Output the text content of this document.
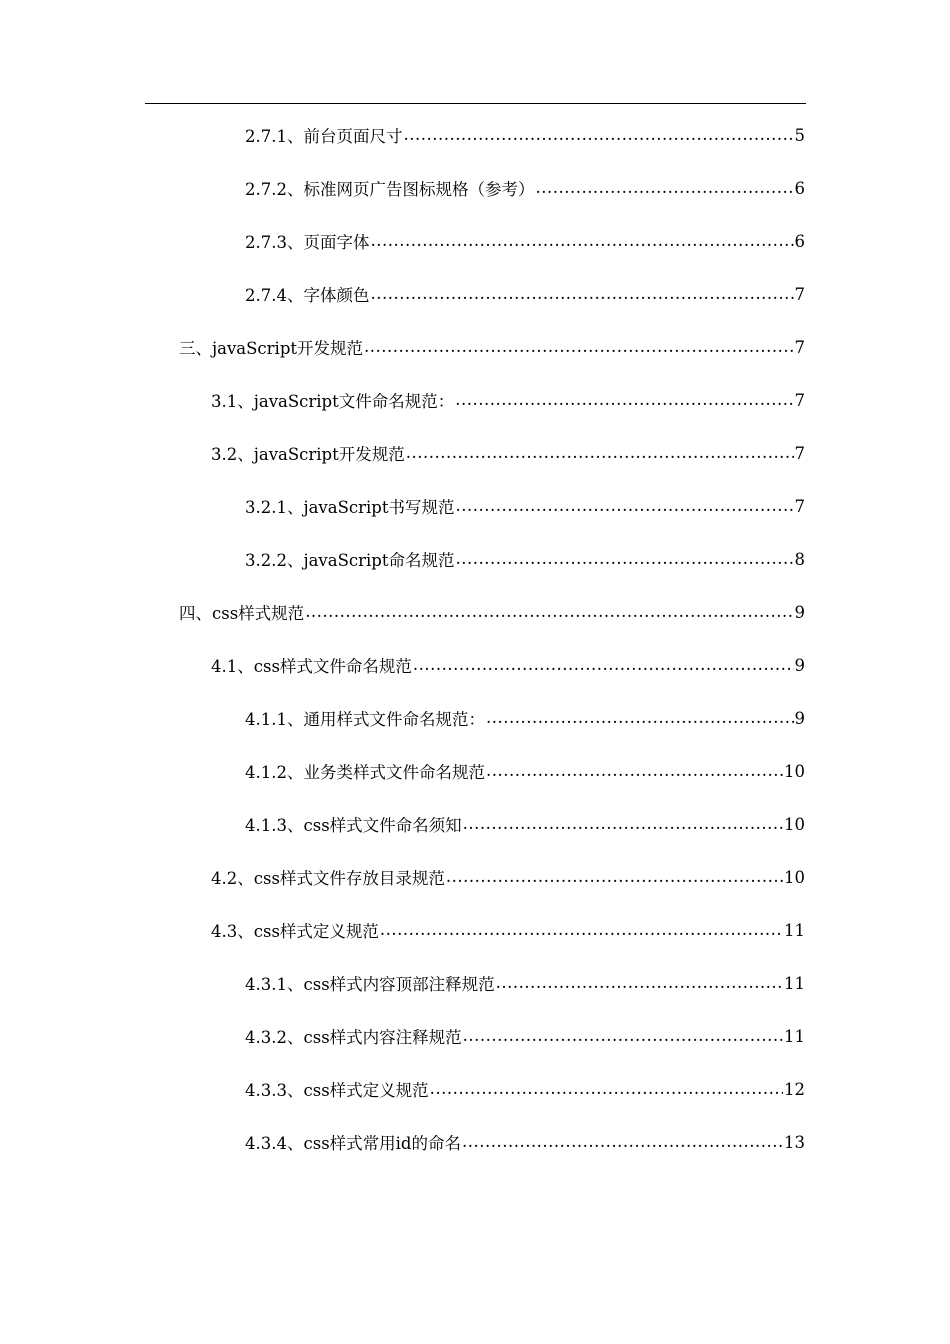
2.7.1、前台页面尺寸 .....	5
2.7.2、标准网页广告图标规格（参考） .....	6
2.7.3、页面字体 .....	6
2.7.4、字体颜色 .....	7
三、javaScript开发规范 .....	7
3.1、javaScript文件命名规范： .....	7
3.2、javaScript开发规范 .....	7
3.2.1、javaScript书写规范 .....	7
3.2.2、javaScript命名规范 .....	8
四、css样式规范 .....	9
4.1、css样式文件命名规范 .....	9
4.1.1、通用样式文件命名规范： .....	9
4.1.2、业务类样式文件命名规范 .....	10
4.1.3、css样式文件命名须知 .....	10
4.2、css样式文件存放目录规范 .....	10
4.3、css样式定义规范 .....	11
4.3.1、css样式内容顶部注释规范 .....	11
4.3.2、css样式内容注释规范 .....	11
4.3.3、css样式定义规范 .....	12
4.3.4、css样式常用id的命名 .....	13
